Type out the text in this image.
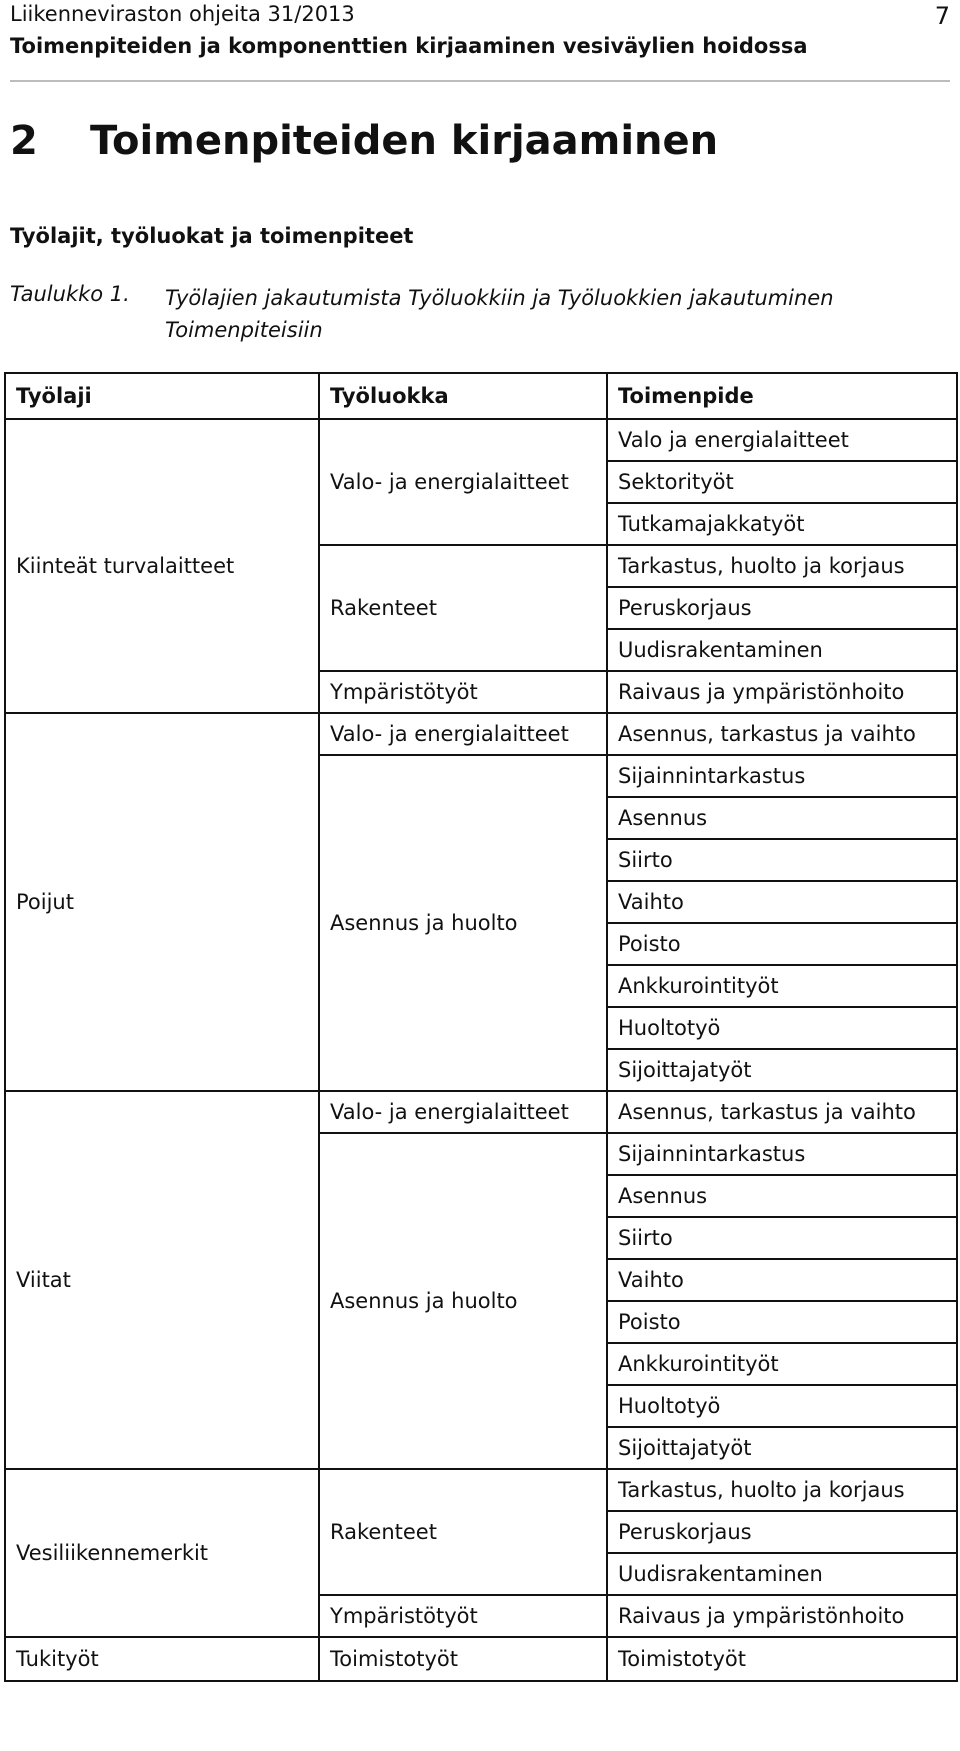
Liikenneviraston ohjeita 31/2013
Toimenpiteiden ja komponenttien kirjaaminen vesiväylien hoidossa
7
2 Toimenpiteiden kirjaaminen
Työlajit, työluokat ja toimenpiteet
Taulukko 1. Työlajien jakautumista Työluokkiin ja Työluokkien jakautuminen Toimenpiteisiin
Työlaji	Työluokka	Toimenpide
Kiinteät turvalaitteet	Valo- ja energialaitteet	Valo ja energialaitteet
		Sektorityöt
		Tutkamajakkatyöt
	Rakenteet	Tarkastus, huolto ja korjaus
		Peruskorjaus
		Uudisrakentaminen
	Ympäristötyöt	Raivaus ja ympäristönhoito
Poijut	Valo- ja energialaitteet	Asennus, tarkastus ja vaihto
	Asennus ja huolto	Sijainnintarkastus
		Asennus
		Siirto
		Vaihto
		Poisto
		Ankkurointityöt
		Huoltotyö
		Sijoittajatyöt
Viitat	Valo- ja energialaitteet	Asennus, tarkastus ja vaihto
	Asennus ja huolto	Sijainnintarkastus
		Asennus
		Siirto
		Vaihto
		Poisto
		Ankkurointityöt
		Huoltotyö
		Sijoittajatyöt
Vesiliikennemerkit	Rakenteet	Tarkastus, huolto ja korjaus
		Peruskorjaus
		Uudisrakentaminen
	Ympäristötyöt	Raivaus ja ympäristönhoito
Tukityöt	Toimistotyöt	Toimistotyöt
